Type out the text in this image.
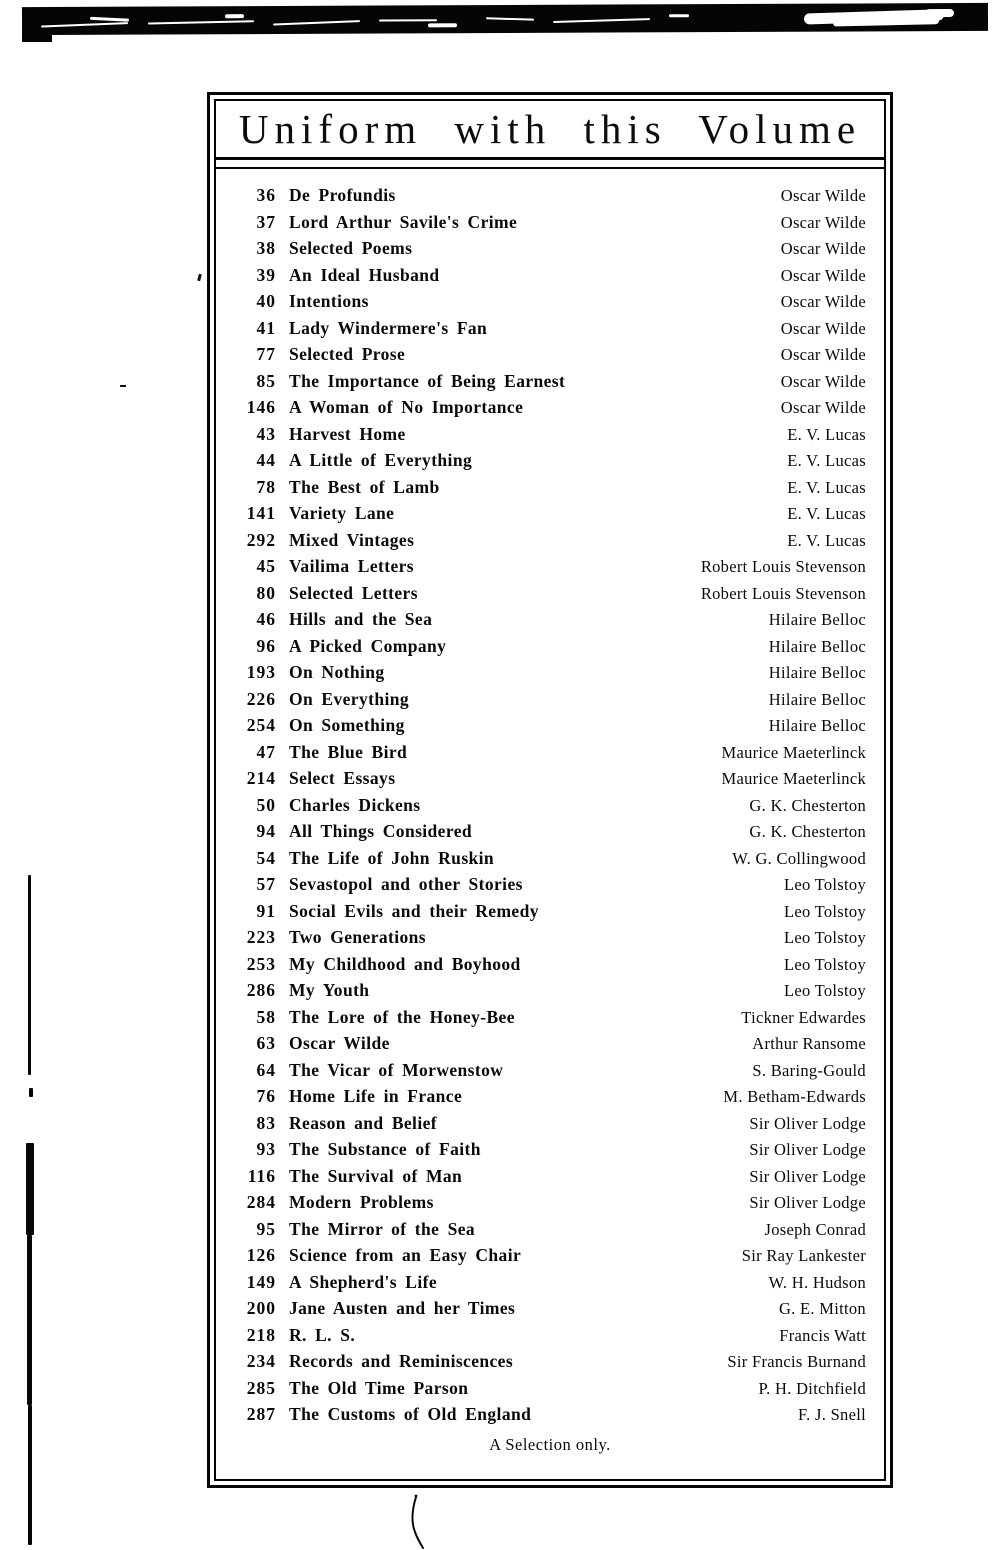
Uniform with this Volume
36 De Profundis	Oscar Wilde
37 Lord Arthur Savile's Crime	Oscar Wilde
38 Selected Poems	Oscar Wilde
39 An Ideal Husband	Oscar Wilde
40 Intentions	Oscar Wilde
41 Lady Windermere's Fan	Oscar Wilde
77 Selected Prose	Oscar Wilde
85 The Importance of Being Earnest	Oscar Wilde
146 A Woman of No Importance	Oscar Wilde
43 Harvest Home	E. V. Lucas
44 A Little of Everything	E. V. Lucas
78 The Best of Lamb	E. V. Lucas
141 Variety Lane	E. V. Lucas
292 Mixed Vintages	E. V. Lucas
45 Vailima Letters	Robert Louis Stevenson
80 Selected Letters	Robert Louis Stevenson
46 Hills and the Sea	Hilaire Belloc
96 A Picked Company	Hilaire Belloc
193 On Nothing	Hilaire Belloc
226 On Everything	Hilaire Belloc
254 On Something	Hilaire Belloc
47 The Blue Bird	Maurice Maeterlinck
214 Select Essays	Maurice Maeterlinck
50 Charles Dickens	G. K. Chesterton
94 All Things Considered	G. K. Chesterton
54 The Life of John Ruskin	W. G. Collingwood
57 Sevastopol and other Stories	Leo Tolstoy
91 Social Evils and their Remedy	Leo Tolstoy
223 Two Generations	Leo Tolstoy
253 My Childhood and Boyhood	Leo Tolstoy
286 My Youth	Leo Tolstoy
58 The Lore of the Honey-Bee	Tickner Edwardes
63 Oscar Wilde	Arthur Ransome
64 The Vicar of Morwenstow	S. Baring-Gould
76 Home Life in France	M. Betham-Edwards
83 Reason and Belief	Sir Oliver Lodge
93 The Substance of Faith	Sir Oliver Lodge
116 The Survival of Man	Sir Oliver Lodge
284 Modern Problems	Sir Oliver Lodge
95 The Mirror of the Sea	Joseph Conrad
126 Science from an Easy Chair	Sir Ray Lankester
149 A Shepherd's Life	W. H. Hudson
200 Jane Austen and her Times	G. E. Mitton
218 R. L. S.	Francis Watt
234 Records and Reminiscences	Sir Francis Burnand
285 The Old Time Parson	P. H. Ditchfield
287 The Customs of Old England	F. J. Snell
A Selection only.
